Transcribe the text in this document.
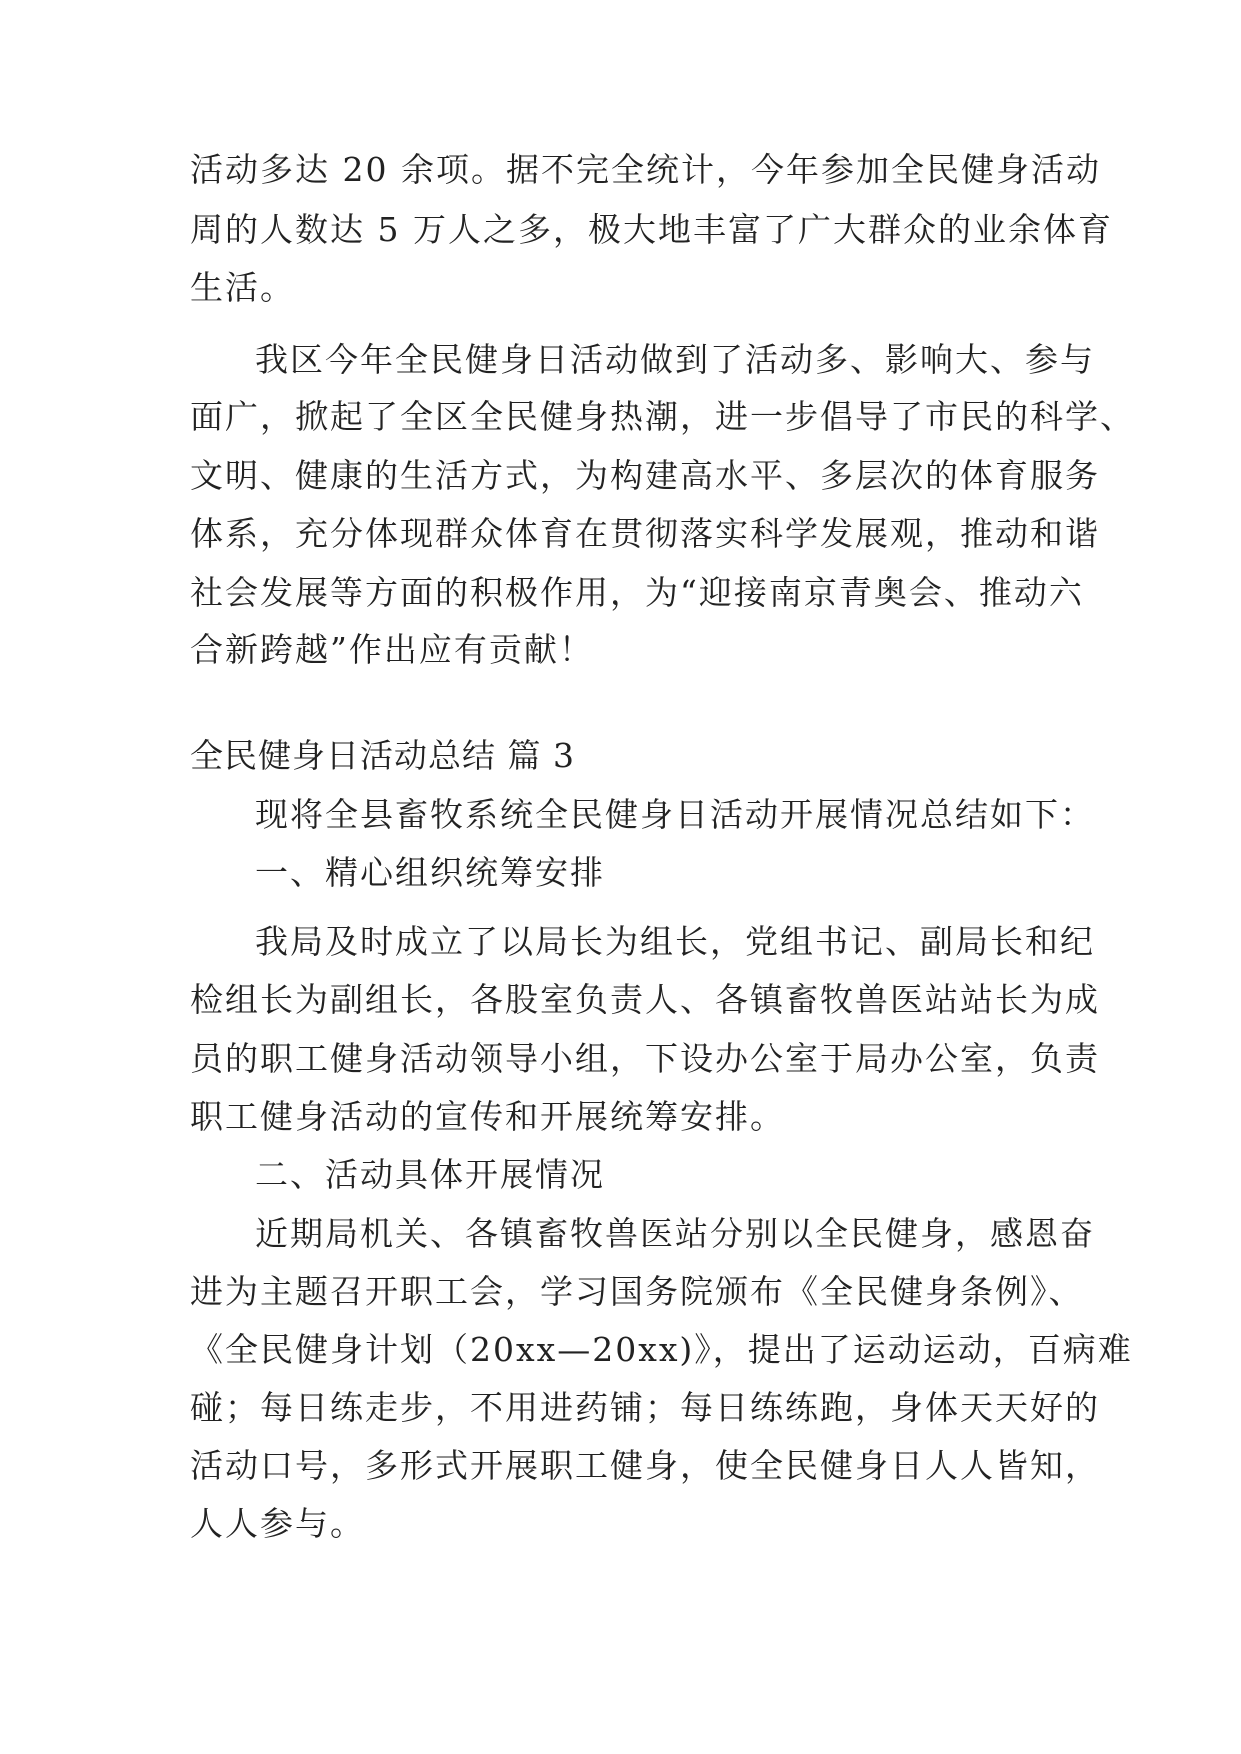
活动多达 20 余项。据不完全统计，今年参加全民健身活动
周的人数达 5 万人之多，极大地丰富了广大群众的业余体育
生活。
我区今年全民健身日活动做到了活动多、影响大、参与
面广，掀起了全区全民健身热潮，进一步倡导了市民的科学、
文明、健康的生活方式，为构建高水平、多层次的体育服务
体系，充分体现群众体育在贯彻落实科学发展观，推动和谐
社会发展等方面的积极作用，为“迎接南京青奥会、推动六
合新跨越”作出应有贡献！
全民健身日活动总结 篇 3
现将全县畜牧系统全民健身日活动开展情况总结如下：
一、精心组织统筹安排
我局及时成立了以局长为组长，党组书记、副局长和纪
检组长为副组长，各股室负责人、各镇畜牧兽医站站长为成
员的职工健身活动领导小组，下设办公室于局办公室，负责
职工健身活动的宣传和开展统筹安排。
二、活动具体开展情况
近期局机关、各镇畜牧兽医站分别以全民健身，感恩奋
进为主题召开职工会，学习国务院颁布《全民健身条例》、
《全民健身计划（20xx—20xx)》，提出了运动运动，百病难
碰；每日练走步，不用进药铺；每日练练跑，身体天天好的
活动口号，多形式开展职工健身，使全民健身日人人皆知，
人人参与。
